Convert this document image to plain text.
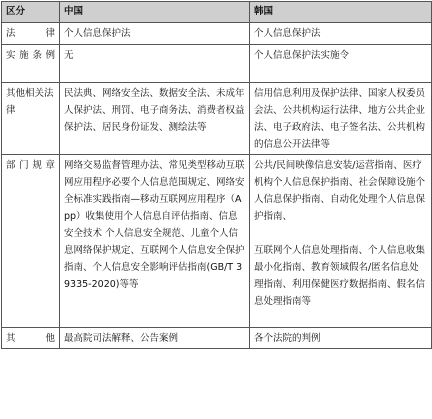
区分	中国	韩国
法律	个人信息保护法	个人信息保护法

实施条例	无	个人信息保护法实施令

其他相关法律	民法典、网络安全法、数据安全法、未成年人保护法、刑罚、电子商务法、消费者权益保护法、居民身份证发、测绘法等	信用信息利用及保护法律、国家人权委员会法、公共机构运行法律、地方公共企业法、电子政府法、电子签名法、公共机构的信息公开法律等

部门规章	网络交易监督管理办法、常见类型移动互联网应用程序必要个人信息范围规定、网络安全标准实践指南—移动互联网应用程序（App）收集使用个人信息自评估指南、信息安全技术 个人信息安全规范、儿童个人信息网络保护规定、互联网个人信息安全保护指南、个人信息安全影响评估指南(GB/T 39335-2020)等等	公共/民间映像信息安装/运营指南、医疗机构个人信息保护指南、社会保障设施个人信息保护指南、自动化处理个人信息保护指南、
互联网个人信息处理指南、个人信息收集最小化指南、教育领域假名/匿名信息处理指南、利用保健医疗数据指南、假名信息处理指南等

其他	最高院司法解释、公告案例	各个法院的判例
